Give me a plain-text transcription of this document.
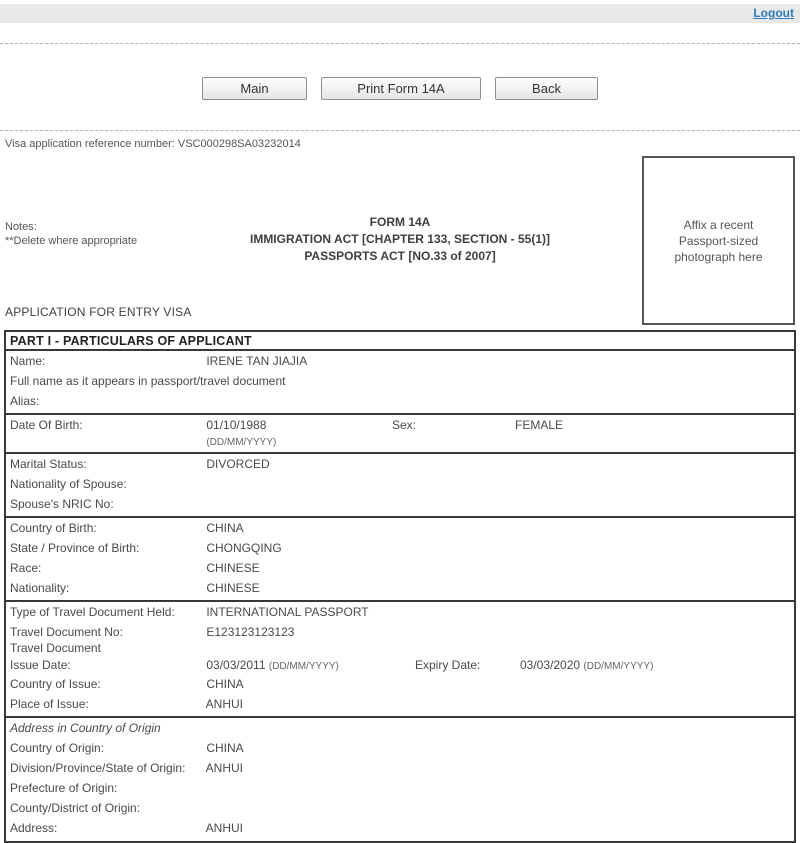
Logout
Main	Print Form 14A	Back
Visa application reference number: VSC000298SA03232014
Affix a recent Passport-sized photograph here
Notes:
**Delete where appropriate
FORM 14A
IMMIGRATION ACT [CHAPTER 133, SECTION - 55(1)]
PASSPORTS ACT [NO.33 of 2007]
APPLICATION FOR ENTRY VISA
PART I - PARTICULARS OF APPLICANT
Name:	IRENE TAN JIAJIA
Full name as it appears in passport/travel document
Alias:
Date Of Birth:	01/10/1988	Sex:	FEMALE
(DD/MM/YYYY)
Marital Status:	DIVORCED
Nationality of Spouse:
Spouse's NRIC No:
Country of Birth:	CHINA
State / Province of Birth:	CHONGQING
Race:	CHINESE
Nationality:	CHINESE
Type of Travel Document Held:	INTERNATIONAL PASSPORT
Travel Document No:	E123123123123
Travel Document
Issue Date:	03/03/2011 (DD/MM/YYYY)	Expiry Date:	03/03/2020 (DD/MM/YYYY)
Country of Issue:	CHINA
Place of Issue:	ANHUI
Address in Country of Origin
Country of Origin:	CHINA
Division/Province/State of Origin: ANHUI
Prefecture of Origin:
County/District of Origin:
Address:	ANHUI
